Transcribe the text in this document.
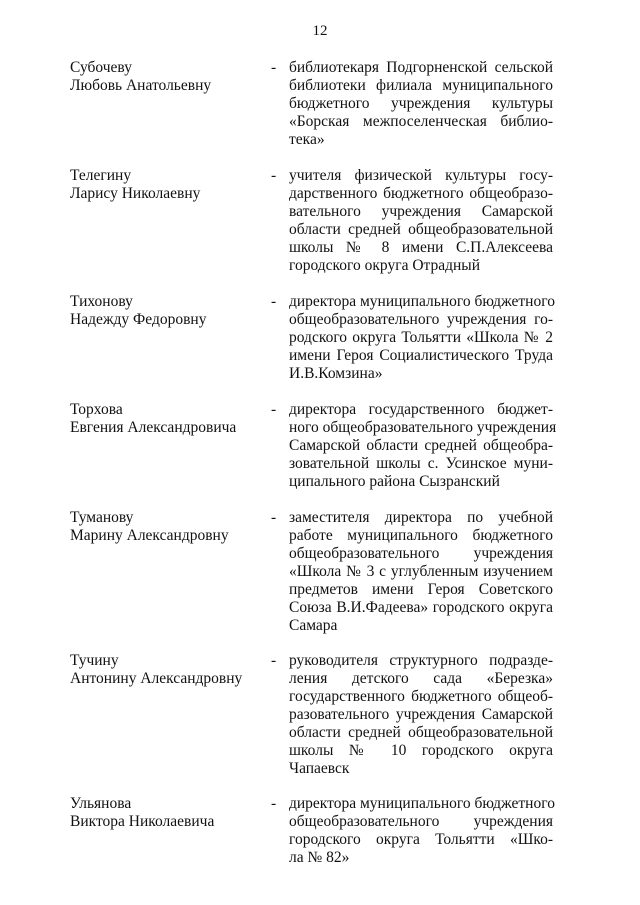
12
Субочеву
Любовь Анатольевну
- библиотекаря Подгорненской сельской
библиотеки филиала муниципального
бюджетного учреждения культуры
«Борская межпоселенческая библио-
тека»
Телегину
Ларису Николаевну
- учителя физической культуры госу-
дарственного бюджетного общеобразо-
вательного учреждения Самарской
области средней общеобразовательной
школы № 8 имени С.П.Алексеева
городского округа Отрадный
Тихонову
Надежду Федоровну
- директора муниципального бюджетного
общеобразовательного учреждения го-
родского округа Тольятти «Школа № 2
имени Героя Социалистического Труда
И.В.Комзина»
Торхова
Евгения Александровича
- директора государственного бюджет-
ного общеобразовательного учреждения
Самарской области средней общеобра-
зовательной школы с. Усинское муни-
ципального района Сызранский
Туманову
Марину Александровну
- заместителя директора по учебной
работе муниципального бюджетного
общеобразовательного учреждения
«Школа № 3 с углубленным изучением
предметов имени Героя Советского
Союза В.И.Фадеева» городского округа
Самара
Тучину
Антонину Александровну
- руководителя структурного подразде-
ления детского сада «Березка»
государственного бюджетного общеоб-
разовательного учреждения Самарской
области средней общеобразовательной
школы № 10 городского округа
Чапаевск
Ульянова
Виктора Николаевича
- директора муниципального бюджетного
общеобразовательного учреждения
городского округа Тольятти «Шко-
ла № 82»
